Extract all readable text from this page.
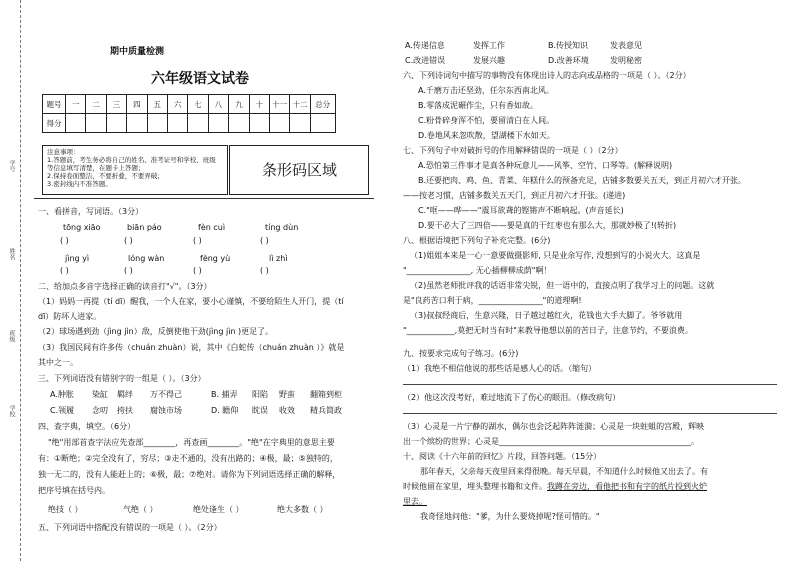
学号
姓名
班级
学校
期中质量检测
六年级语文试卷
题号	一	二	三	四	五	六	七	八	九	十	十一	十二	总分
得分													
注意事项：
1.答题前，考生务必将自己的姓名、准考证号和学校、班级
等信息填写清楚，在题卡上答题；
2.保持卷面整洁，不要折叠，不要弄破；
3.密封线内不准答题。
条形码区域
一、看拼音，写词语。（3分）
tōng xiāo	biān páo	fèn cuì	tíng dùn
( )	( )	( )	( )
jìng yì	lóng wàn	fèng yù	lì zhì
( )	( )	( )	( )
二、给加点多音字选择正确的读音打"√"。（3分）
（1）妈妈一再提（tí dī）醒我，一个人在家，要小心谨慎，不要给陌生人开门，提（tí
dī）防坏人进家。
（2）球场遇到劲（jìng jìn）敌，反倒使他干劲(jìng jìn )更足了。
（3）我国民间有许多传（chuán zhuàn）说，其中《白蛇传（chuán zhuàn ）》就是
其中之一。
三、下列词语没有错别字的一组是（ ）。（3分）
A.肿胀 染缸 羁绊 万不得己	B. 捕弄 阳陷 野蛮 翻箱到柜
C.领履 念叨 挎扶 腐蚀市场	D. 瞻仰 眈误 收效 精兵简政
四、查字典，填空。（6分）
"绝"用部首查字法应先查部________，再查画________。"绝"在字典里的意思主要
有：①断绝；②完全没有了，穷尽；③走不通的，没有出路的；④极，最；⑤独特的，
独一无二的，没有人能赶上的；⑥极，最；⑦绝对。请你为下列词语选择正确的解释，
把序号填在括号内。
绝技（ ）	气绝（ ）	绝处逢生（ ）	绝大多数（ ）
五、下列词语中搭配没有错误的一项是（ ）。（2分）
A.传递信息	发挥工作	B.传授知识	发表意见
C.改进错误	发展兴趣	D.改善环境	发明秘密
六、下列诗词句中描写的事物没有体现出诗人的志向或品格的一项是（ ）。（2分）
A.千磨万击还坚劲，任尔东西南北风。
B.零落成泥碾作尘，只有香如故。
C.粉骨碎身浑不怕，要留清白在人间。
D.卷地风来忽吹散，望湖楼下水如天。
七、下列句子中对破折号的作用解释错误的一项是（ ）（2分）
A.恐怕第三件事才是真各种玩意儿——风筝、空竹、口琴等。(解释说明)
B.还要把肉、鸡、鱼、青菜、年糕什么的预备充足，店铺多数要关五天，到正月初六才开张。
——按老习惯，店铺多数关五天门，到正月初六才开张。(递进)
C."哐——哗——"震耳欲聋的铿锵声不断响起。(声音延长)
D.要干必大了三四倍——要是真的干红枣也有那么大，那就妙极了!(转折)
八、根据语境把下列句子补充完整。(6分)
（1)姐姐本来是一心一意要做摄影师, 只是业余写作, 没想到写的小说火大。这真是
"________________, 无心插柳柳成荫"啊！
（2)虽然老师批评我的话语非常尖锐，但一语中的，直接点明了我学习上的问题。这就
是"良药苦口利于病，________________"的道理啊!
（3)叔叔经商后，生意兴隆，日子越过越红火，花钱也大手大脚了。爷爷就用
"____________,莫把无时当有时"来教导他想以前的苦日子，注意节约，不要浪费。
九、按要求完成句子练习。(6分)
（1）我绝不相信他说的那些话是感人心的话。（缩句）
（2）他这次没考好，难过地流下了伤心的眼泪。（修改病句）
（3）心灵是一片宁静的湖水，偶尔也会泛起阵阵涟漪；心灵是一块蛀蛆的宫殿，辉映
出一个缤纷的世界；心灵是________________________________________________。
十、阅读《十六年前的回忆》片段，回答问题。（15分）
那年春天，父亲每天夜里回来得很晚。每天早晨，不知道什么时候他又出去了。有
时候他留在家里，埋头整理书籍和文件。我蹲在旁边，看他把书和有字的纸片投到火炉
里去。
我奇怪地问他："爹，为什么要烧掉呢?怪可惜的。"
